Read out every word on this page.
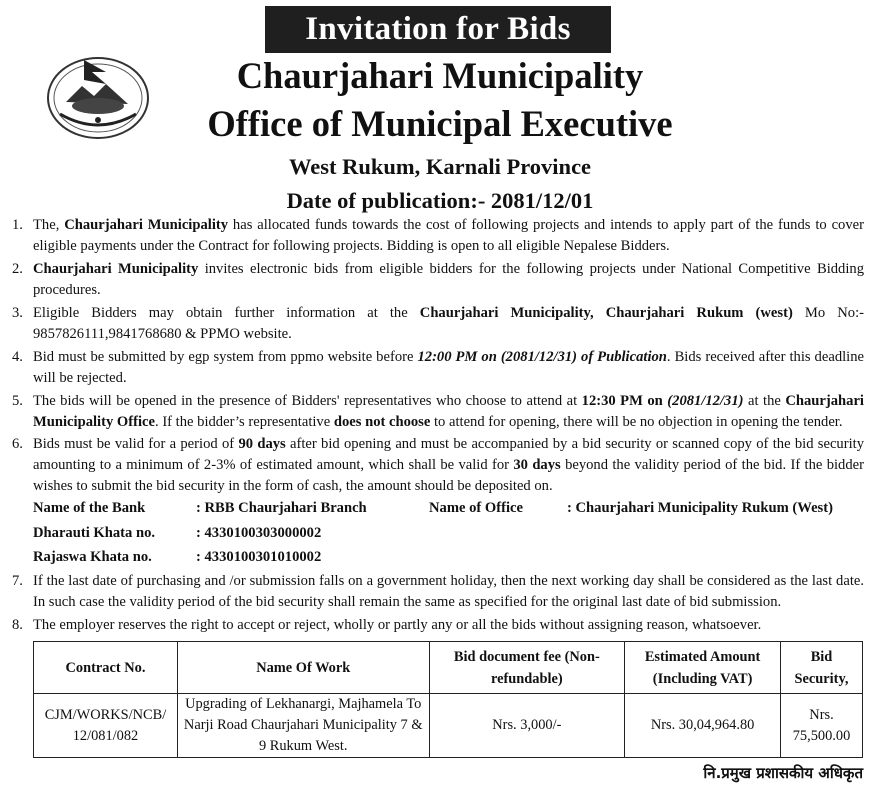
Invitation for Bids
Chaurjahari Municipality
Office of Municipal Executive
West Rukum, Karnali Province
Date of publication:- 2081/12/01
1. The, Chaurjahari Municipality has allocated funds towards the cost of following projects and intends to apply part of the funds to cover eligible payments under the Contract for following projects. Bidding is open to all eligible Nepalese Bidders.
2. Chaurjahari Municipality invites electronic bids from eligible bidders for the following projects under National Competitive Bidding procedures.
3. Eligible Bidders may obtain further information at the Chaurjahari Municipality, Chaurjahari Rukum (west) Mo No:- 9857826111,9841768680 & PPMO website.
4. Bid must be submitted by egp system from ppmo website before 12:00 PM on (2081/12/31) of Publication. Bids received after this deadline will be rejected.
5. The bids will be opened in the presence of Bidders' representatives who choose to attend at 12:30 PM on (2081/12/31) at the Chaurjahari Municipality Office. If the bidder’s representative does not choose to attend for opening, there will be no objection in opening the tender.
6. Bids must be valid for a period of 90 days after bid opening and must be accompanied by a bid security or scanned copy of the bid security amounting to a minimum of 2-3% of estimated amount, which shall be valid for 30 days beyond the validity period of the bid. If the bidder wishes to submit the bid security in the form of cash, the amount should be deposited on.
Name of the Bank	: RBB Chaurjahari Branch	Name of Office	: Chaurjahari Municipality Rukum (West)
Dharauti Khata no.	: 4330100303000002
Rajaswa Khata no.	: 4330100301010002
7. If the last date of purchasing and /or submission falls on a government holiday, then the next working day shall be considered as the last date. In such case the validity period of the bid security shall remain the same as specified for the original last date of bid submission.
8. The employer reserves the right to accept or reject, wholly or partly any or all the bids without assigning reason, whatsoever.
Contract No.	Name Of Work	Bid document fee (Non-refundable)	Estimated Amount (Including VAT)	Bid Security,
CJM/WORKS/NCB/ 12/081/082	Upgrading of Lekhanargi, Majhamela To Narji Road Chaurjahari Municipality 7 & 9 Rukum West.	Nrs. 3,000/-	Nrs. 30,04,964.80	Nrs. 75,500.00
नि.प्रमुख प्रशासकीय अधिकृत
